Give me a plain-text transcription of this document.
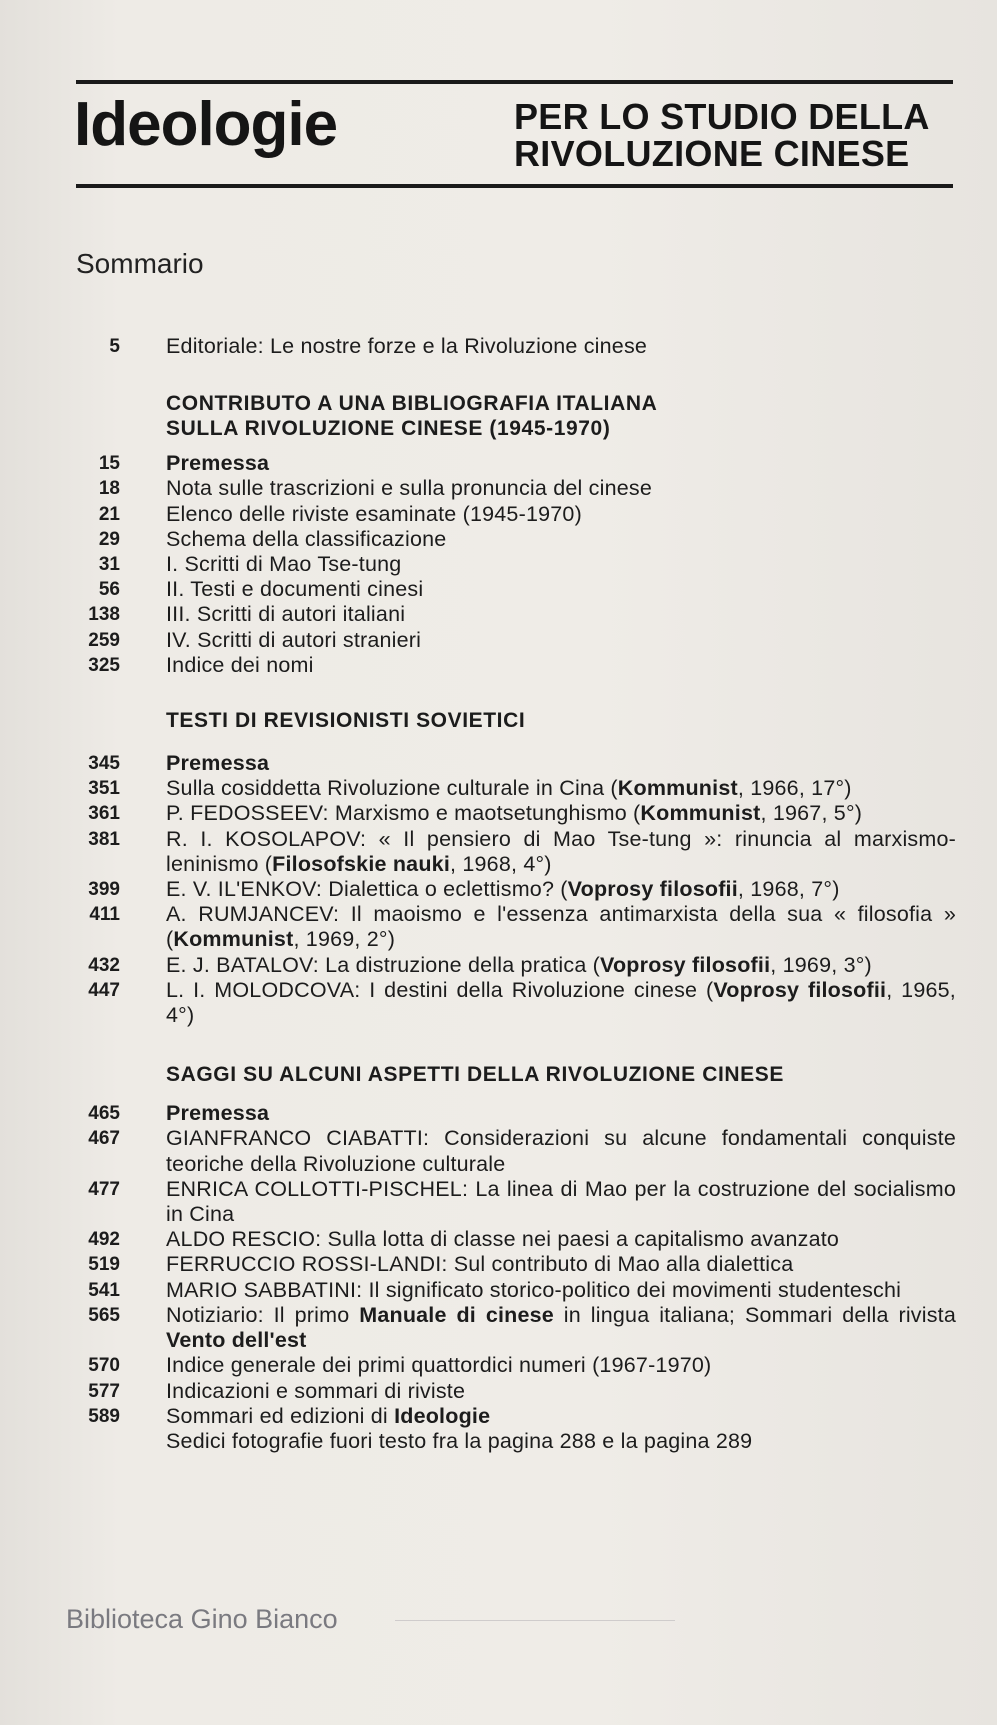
Ideologie	PER LO STUDIO DELLA
RIVOLUZIONE CINESE
Sommario
5 Editoriale: Le nostre forze e la Rivoluzione cinese
CONTRIBUTO A UNA BIBLIOGRAFIA ITALIANA
SULLA RIVOLUZIONE CINESE (1945-1970)
15 Premessa
18 Nota sulle trascrizioni e sulla pronuncia del cinese
21 Elenco delle riviste esaminate (1945-1970)
29 Schema della classificazione
31 I. Scritti di Mao Tse-tung
56 II. Testi e documenti cinesi
138 III. Scritti di autori italiani
259 IV. Scritti di autori stranieri
325 Indice dei nomi
TESTI DI REVISIONISTI SOVIETICI
345 Premessa
351 Sulla cosiddetta Rivoluzione culturale in Cina (Kommunist, 1966, 17°)
361 P. FEDOSSEEV: Marxismo e maotsetunghismo (Kommunist, 1967, 5°)
381 R. I. KOSOLAPOV: « Il pensiero di Mao Tse-tung »: rinuncia al marxismo-leninismo (Filosofskie nauki, 1968, 4°)
399 E. V. IL'ENKOV: Dialettica o eclettismo? (Voprosy filosofii, 1968, 7°)
411 A. RUMJANCEV: Il maoismo e l'essenza antimarxista della sua « filosofia » (Kommunist, 1969, 2°)
432 E. J. BATALOV: La distruzione della pratica (Voprosy filosofii, 1969, 3°)
447 L. I. MOLODCOVA: I destini della Rivoluzione cinese (Voprosy filosofii, 1965, 4°)
SAGGI SU ALCUNI ASPETTI DELLA RIVOLUZIONE CINESE
465 Premessa
467 GIANFRANCO CIABATTI: Considerazioni su alcune fondamentali conquiste teoriche della Rivoluzione culturale
477 ENRICA COLLOTTI-PISCHEL: La linea di Mao per la costruzione del socialismo in Cina
492 ALDO RESCIO: Sulla lotta di classe nei paesi a capitalismo avanzato
519 FERRUCCIO ROSSI-LANDI: Sul contributo di Mao alla dialettica
541 MARIO SABBATINI: Il significato storico-politico dei movimenti studenteschi
565 Notiziario: Il primo Manuale di cinese in lingua italiana; Sommari della rivista Vento dell'est
570 Indice generale dei primi quattordici numeri (1967-1970)
577 Indicazioni e sommari di riviste
589 Sommari ed edizioni di Ideologie
Sedici fotografie fuori testo fra la pagina 288 e la pagina 289
Biblioteca Gino Bianco
